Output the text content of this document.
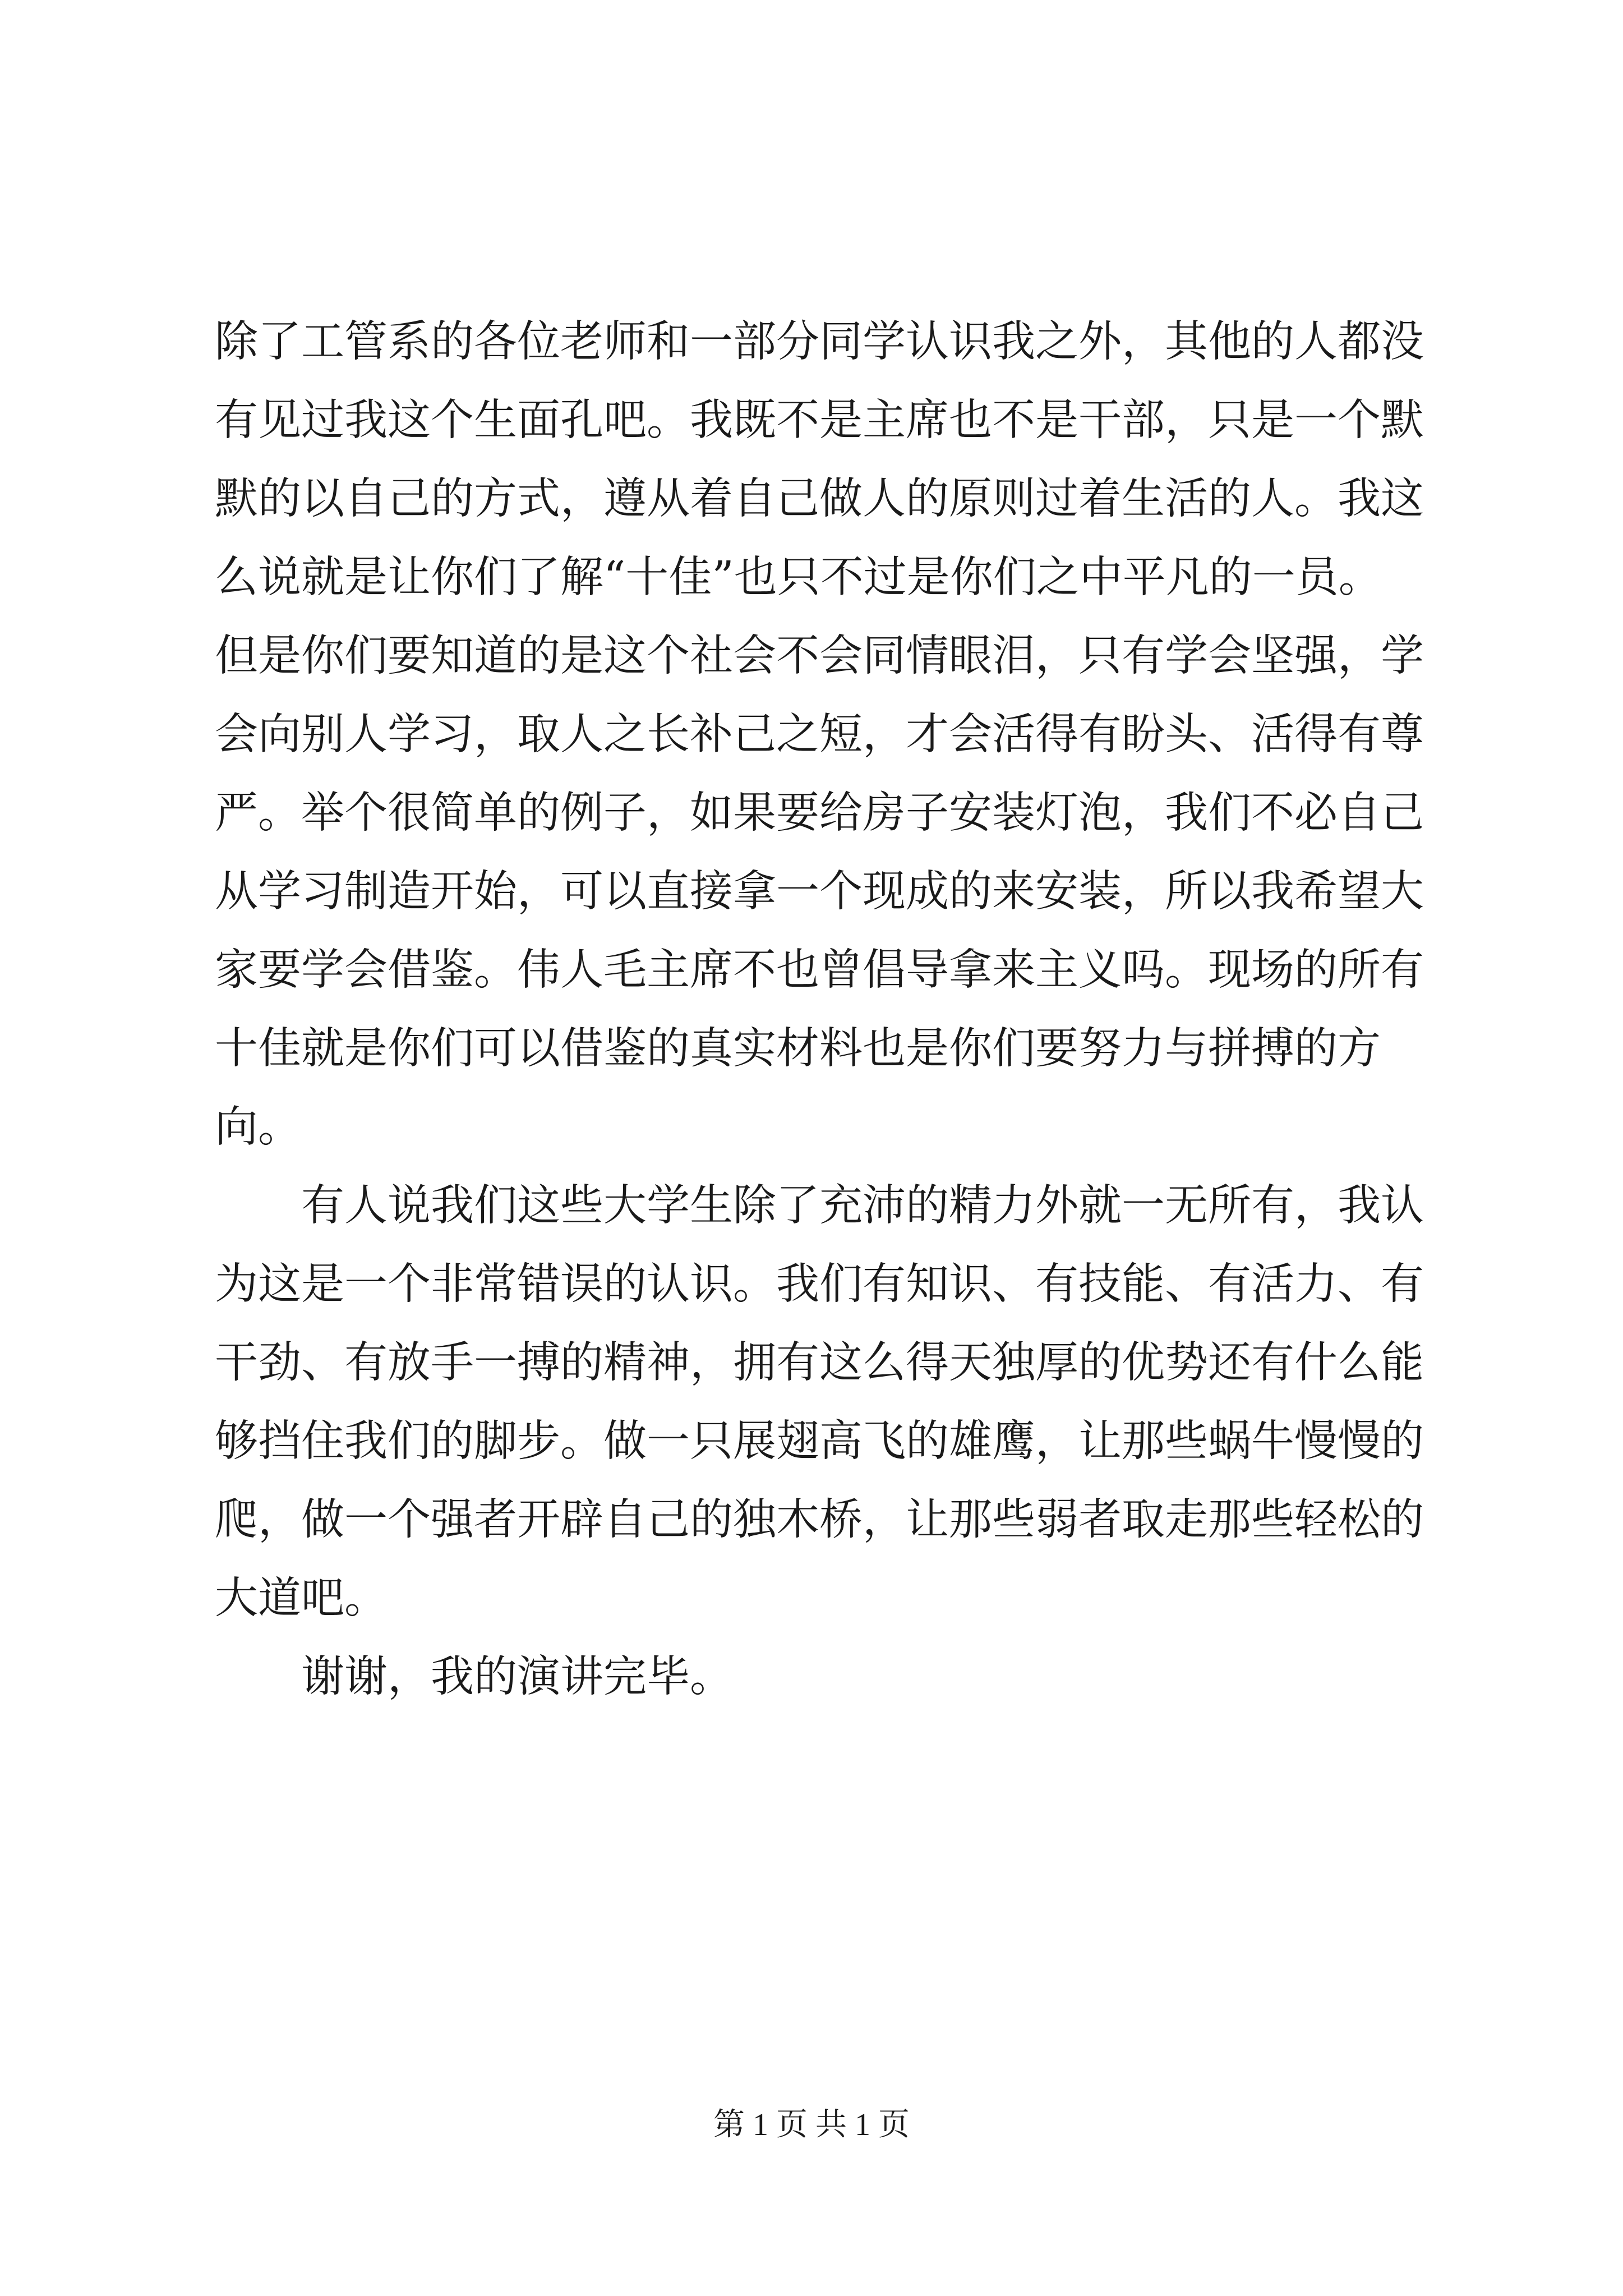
除了工管系的各位老师和一部分同学认识我之外，其他的人都没
有见过我这个生面孔吧。我既不是主席也不是干部，只是一个默
默的以自己的方式，遵从着自己做人的原则过着生活的人。我这
么说就是让你们了解“十佳”也只不过是你们之中平凡的一员。
但是你们要知道的是这个社会不会同情眼泪，只有学会坚强，学
会向别人学习，取人之长补己之短，才会活得有盼头、活得有尊
严。举个很简单的例子，如果要给房子安装灯泡，我们不必自己
从学习制造开始，可以直接拿一个现成的来安装，所以我希望大
家要学会借鉴。伟人毛主席不也曾倡导拿来主义吗。现场的所有
十佳就是你们可以借鉴的真实材料也是你们要努力与拼搏的方
向。
　　有人说我们这些大学生除了充沛的精力外就一无所有，我认
为这是一个非常错误的认识。我们有知识、有技能、有活力、有
干劲、有放手一搏的精神，拥有这么得天独厚的优势还有什么能
够挡住我们的脚步。做一只展翅高飞的雄鹰，让那些蜗牛慢慢的
爬，做一个强者开辟自己的独木桥，让那些弱者取走那些轻松的
大道吧。
　　谢谢，我的演讲完毕。
第 1 页 共 1 页
